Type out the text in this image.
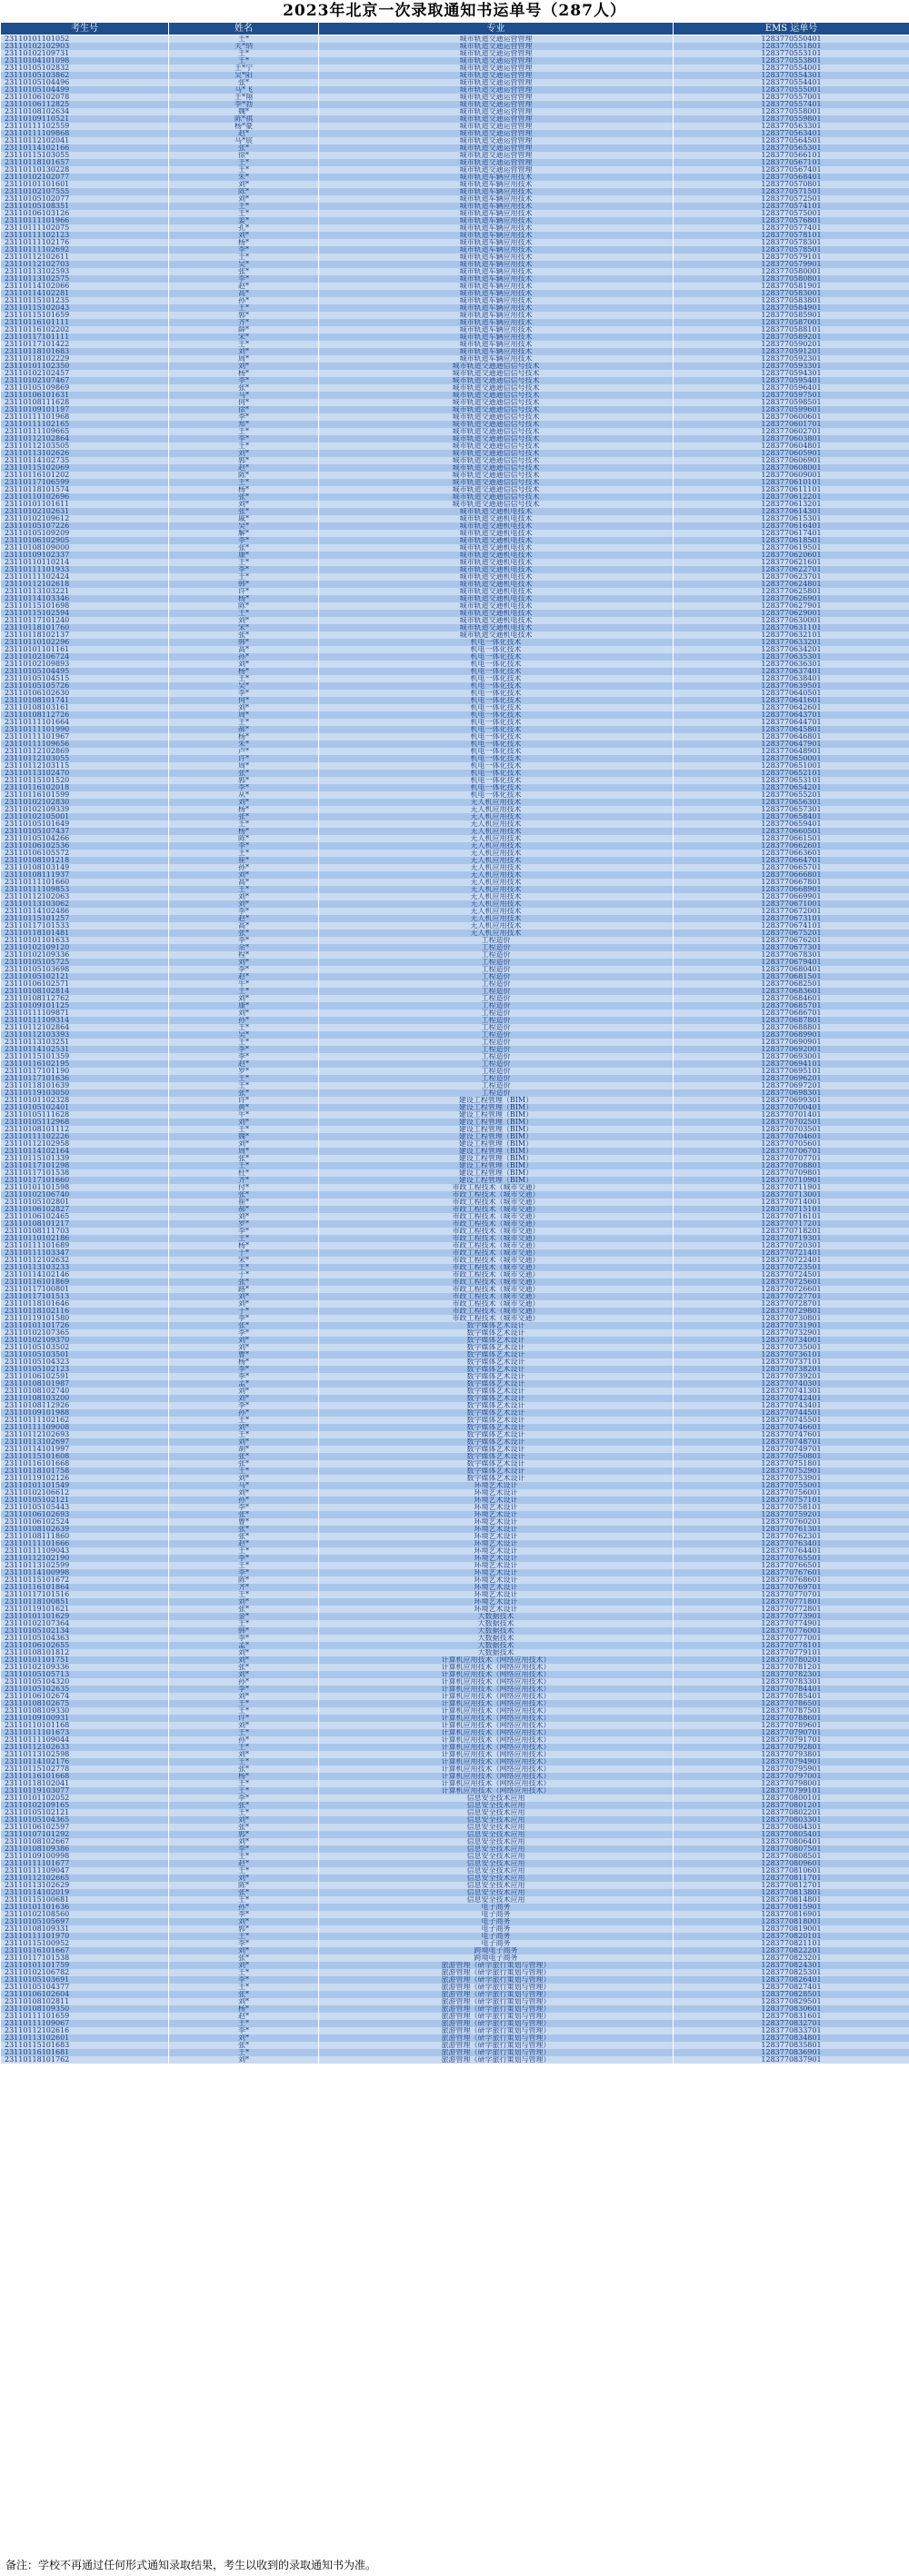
2023年北京一次录取通知书运单号（287人）
考生号	姓名	专业	EMS 运单号
23110101101052	王*	城市轨道交通运营管理	1283770550401
23110102102903	关*纳	城市轨道交通运营管理	1283770551801
23110102109731	王*	城市轨道交通运营管理	1283770553101
23110104101098	王*	城市轨道交通运营管理	1283770553801
23110105102832	王*宁	城市轨道交通运营管理	1283770554001
23110105103862	吴*阳	城市轨道交通运营管理	1283770554301
23110105104496	张*	城市轨道交通运营管理	1283770554401
23110105104499	马*飞	城市轨道交通运营管理	1283770555001
23110106102078	王*翔	城市轨道交通运营管理	1283770557001
23110106112825	李*勃	城市轨道交通运营管理	1283770557401
23110108102634	魏*	城市轨道交通运营管理	1283770558001
23110109110521	陈*祺	城市轨道交通运营管理	1283770559801
23110111102559	杨*豪	城市轨道交通运营管理	1283770563301
23110111109868	赵*	城市轨道交通运营管理	1283770563401
23110112102041	马*宸	城市轨道交通运营管理	1283770564501
23110114102166	张*	城市轨道交通运营管理	1283770565301
23110115103055	徐*	城市轨道交通运营管理	1283770566101
23110118101657	王*	城市轨道交通运营管理	1283770567101
23110110130228	王*	城市轨道交通运营管理	1283770567401
23110102102077	朱*	城市轨道车辆应用技术	1283770568401
23110101101601	刘*	城市轨道车辆应用技术	1283770570801
23110102107555	陈*	城市轨道车辆应用技术	1283770571501
23110105102077	刘*	城市轨道车辆应用技术	1283770572501
23110105108351	王*	城市轨道车辆应用技术	1283770574101
23110106103126	王*	城市轨道车辆应用技术	1283770575001
23110111101966	姜*	城市轨道车辆应用技术	1283770576801
23110111102075	孔*	城市轨道车辆应用技术	1283770577401
23110111102123	刘*	城市轨道车辆应用技术	1283770578101
23110111102176	杨*	城市轨道车辆应用技术	1283770578301
23110111102692	李*	城市轨道车辆应用技术	1283770578501
23110112102611	王*	城市轨道车辆应用技术	1283770579101
23110112102703	吴*	城市轨道车辆应用技术	1283770579901
23110113102593	张*	城市轨道车辆应用技术	1283770580001
23110113102575	李*	城市轨道车辆应用技术	1283770580801
23110114102066	赵*	城市轨道车辆应用技术	1283770581901
23110114102281	高*	城市轨道车辆应用技术	1283770583001
23110115101235	孙*	城市轨道车辆应用技术	1283770583801
23110115102043	王*	城市轨道车辆应用技术	1283770584901
23110115101659	郭*	城市轨道车辆应用技术	1283770585901
23110116101111	齐*	城市轨道车辆应用技术	1283770587001
23110116102202	薛*	城市轨道车辆应用技术	1283770588101
23110117101111	宋*	城市轨道车辆应用技术	1283770589201
23110117101422	王*	城市轨道车辆应用技术	1283770590201
23110118101683	刘*	城市轨道车辆应用技术	1283770591201
23110118102229	周*	城市轨道车辆应用技术	1283770592301
23110101102350	刘*	城市轨道交通通信信号技术	1283770593301
23110102102457	杨*	城市轨道交通通信信号技术	1283770594301
23110102107467	李*	城市轨道交通通信信号技术	1283770595401
23110105109869	张*	城市轨道交通通信信号技术	1283770596401
23110106101631	马*	城市轨道交通通信信号技术	1283770597501
23110108111628	何*	城市轨道交通通信信号技术	1283770598501
23110109101197	徐*	城市轨道交通通信信号技术	1283770599601
23110111101968	李*	城市轨道交通通信信号技术	1283770600601
23110111102165	郑*	城市轨道交通通信信号技术	1283770601701
23110111109665	王*	城市轨道交通通信信号技术	1283770602701
23110112102864	李*	城市轨道交通通信信号技术	1283770603801
23110112103505	王*	城市轨道交通通信信号技术	1283770604801
23110113102626	刘*	城市轨道交通通信信号技术	1283770605901
23110114102735	郭*	城市轨道交通通信信号技术	1283770606901
23110115102069	赵*	城市轨道交通通信信号技术	1283770608001
23110116101202	陈*	城市轨道交通通信信号技术	1283770609001
23110117106599	王*	城市轨道交通通信信号技术	1283770610101
23110118101574	杨*	城市轨道交通通信信号技术	1283770611101
23110110102696	张*	城市轨道交通通信信号技术	1283770612201
23110101101611	刘*	城市轨道交通通信信号技术	1283770613201
23110102102631	张*	城市轨道交通机电技术	1283770614301
23110102109612	戚*	城市轨道交通机电技术	1283770615301
23110105107226	吴*	城市轨道交通机电技术	1283770616401
23110105109209	解*	城市轨道交通机电技术	1283770617401
23110106102905	李*	城市轨道交通机电技术	1283770618501
23110108109000	张*	城市轨道交通机电技术	1283770619501
23110109102337	康*	城市轨道交通机电技术	1283770620601
23110110110214	王*	城市轨道交通机电技术	1283770621601
23110111101933	李*	城市轨道交通机电技术	1283770622701
23110111102424	王*	城市轨道交通机电技术	1283770623701
23110112102618	韩*	城市轨道交通机电技术	1283770624801
23110113103221	许*	城市轨道交通机电技术	1283770625801
23110114103346	杨*	城市轨道交通机电技术	1283770626901
23110115101698	陈*	城市轨道交通机电技术	1283770627901
23110115102594	王*	城市轨道交通机电技术	1283770629001
23110117101240	刘*	城市轨道交通机电技术	1283770630001
23110118101760	宋*	城市轨道交通机电技术	1283770631101
23110118102137	张*	城市轨道交通机电技术	1283770632101
23110110102296	韩*	机电一体化技术	1283770633201
23110101101161	高*	机电一体化技术	1283770634201
23110102106724	孙*	机电一体化技术	1283770635301
23110102109893	刘*	机电一体化技术	1283770636301
23110105104495	杨*	机电一体化技术	1283770637401
23110105104515	王*	机电一体化技术	1283770638401
23110105105726	吴*	机电一体化技术	1283770639501
23110106102630	李*	机电一体化技术	1283770640501
23110108101741	何*	机电一体化技术	1283770641601
23110108103161	刘*	机电一体化技术	1283770642601
23110108112726	周*	机电一体化技术	1283770643701
23110111101664	王*	机电一体化技术	1283770644701
23110111101990	郝*	机电一体化技术	1283770645801
23110111101967	杨*	机电一体化技术	1283770646801
23110111109656	朱*	机电一体化技术	1283770647901
23110112102869	卢*	机电一体化技术	1283770648901
23110112103055	许*	机电一体化技术	1283770650001
23110112103115	周*	机电一体化技术	1283770651001
23110113102470	张*	机电一体化技术	1283770652101
23110115101520	郭*	机电一体化技术	1283770653101
23110116102018	李*	机电一体化技术	1283770654201
23110116101599	从*	机电一体化技术	1283770655201
23110102102830	刘*	无人机应用技术	1283770656301
23110102109339	杨*	无人机应用技术	1283770657301
23110102105001	张*	无人机应用技术	1283770658401
23110105101649	王*	无人机应用技术	1283770659401
23110105107437	杨*	无人机应用技术	1283770660501
23110105104266	陈*	无人机应用技术	1283770661501
23110106102536	李*	无人机应用技术	1283770662601
23110106105572	王*	无人机应用技术	1283770663601
23110108101218	崔*	无人机应用技术	1283770664701
23110108103149	孙*	无人机应用技术	1283770665701
23110108111937	刘*	无人机应用技术	1283770666801
23110111101660	高*	无人机应用技术	1283770667801
23110111109853	王*	无人机应用技术	1283770668901
23110112102063	刘*	无人机应用技术	1283770669901
23110113103062	刘*	无人机应用技术	1283770671001
23110114102486	李*	无人机应用技术	1283770672001
23110115101257	赵*	无人机应用技术	1283770673101
23110117101533	高*	无人机应用技术	1283770674101
23110118101481	张*	无人机应用技术	1283770675201
23110101101633	李*	工程造价	1283770676201
23110102109120	余*	工程造价	1283770677301
23110102109336	程*	工程造价	1283770678301
23110105105725	刘*	工程造价	1283770679401
23110105103698	李*	工程造价	1283770680401
23110105102121	赵*	工程造价	1283770681501
23110106102571	牛*	工程造价	1283770682501
23110108102814	王*	工程造价	1283770683601
23110108112762	刘*	工程造价	1283770684601
23110109101125	康*	工程造价	1283770685701
23110111109871	刘*	工程造价	1283770686701
23110111109314	孙*	工程造价	1283770687801
23110112102864	王*	工程造价	1283770688801
23110112103393	吴*	工程造价	1283770689901
23110113103251	王*	工程造价	1283770690901
23110114102531	李*	工程造价	1283770692001
23110115101359	李*	工程造价	1283770693001
23110116102195	赵*	工程造价	1283770694101
23110117101190	罗*	工程造价	1283770695101
23110117101636	王*	工程造价	1283770696201
23110118101639	王*	工程造价	1283770697201
23110119103050	张*	工程造价	1283770698301
23110101102328	许*	建设工程管理（BIM）	1283770699301
23110105102401	黄*	建设工程管理（BIM）	1283770700401
23110105111628	牛*	建设工程管理（BIM）	1283770701401
23110105112968	刘*	建设工程管理（BIM）	1283770702501
23110108101112	王*	建设工程管理（BIM）	1283770703501
23110111102226	魏*	建设工程管理（BIM）	1283770704601
23110112102958	刘*	建设工程管理（BIM）	1283770705601
23110114102164	周*	建设工程管理（BIM）	1283770706701
23110115101339	张*	建设工程管理（BIM）	1283770707701
23110117101298	王*	建设工程管理（BIM）	1283770708801
23110117101538	杜*	建设工程管理（BIM）	1283770709801
23110117101660	齐*	建设工程管理（BIM）	1283770710901
23110101101598	付*	市政工程技术（城市交通）	1283770711901
23110102106740	张*	市政工程技术（城市交通）	1283770713001
23110105102801	崔*	市政工程技术（城市交通）	1283770714001
23110106102827	郝*	市政工程技术（城市交通）	1283770715101
23110106102465	刘*	市政工程技术（城市交通）	1283770716101
23110108101217	罗*	市政工程技术（城市交通）	1283770717201
23110108111703	李*	市政工程技术（城市交通）	1283770718201
23110110102186	王*	市政工程技术（城市交通）	1283770719301
23110111101689	杨*	市政工程技术（城市交通）	1283770720301
23110111103347	于*	市政工程技术（城市交通）	1283770721401
23110112102632	宋*	市政工程技术（城市交通）	1283770722401
23110113103233	王*	市政工程技术（城市交通）	1283770723501
23110114102146	于*	市政工程技术（城市交通）	1283770724501
23110116101869	张*	市政工程技术（城市交通）	1283770725601
23110117100801	路*	市政工程技术（城市交通）	1283770726601
23110117101513	刘*	市政工程技术（城市交通）	1283770727701
23110118101646	刘*	市政工程技术（城市交通）	1283770728701
23110118102116	于*	市政工程技术（城市交通）	1283770729801
23110119101580	李*	市政工程技术（城市交通）	1283770730801
23110101101726	张*	数字媒体艺术设计	1283770731901
23110102107365	李*	数字媒体艺术设计	1283770732901
23110102109370	刘*	数字媒体艺术设计	1283770734001
23110105103502	刘*	数字媒体艺术设计	1283770735001
23110105103501	曹*	数字媒体艺术设计	1283770736101
23110105104323	杨*	数字媒体艺术设计	1283770737101
23110105102123	李*	数字媒体艺术设计	1283770738201
23110106102591	李*	数字媒体艺术设计	1283770739201
23110108101987	孟*	数字媒体艺术设计	1283770740301
23110108102740	刘*	数字媒体艺术设计	1283770741301
23110108103200	刘*	数字媒体艺术设计	1283770742401
23110108112926	李*	数字媒体艺术设计	1283770743401
23110109101988	孙*	数字媒体艺术设计	1283770744501
23110111102162	王*	数字媒体艺术设计	1283770745501
23110111109008	刘*	数字媒体艺术设计	1283770746601
23110112102693	王*	数字媒体艺术设计	1283770747601
23110113102697	刘*	数字媒体艺术设计	1283770748701
23110114101997	胡*	数字媒体艺术设计	1283770749701
23110115101608	张*	数字媒体艺术设计	1283770750801
23110116101668	张*	数字媒体艺术设计	1283770751801
23110118101758	王*	数字媒体艺术设计	1283770752901
23110119102126	刘*	数字媒体艺术设计	1283770753901
23110101101549	马*	环境艺术设计	1283770755001
23110102106612	刘*	环境艺术设计	1283770756001
23110105102121	孙*	环境艺术设计	1283770757101
23110105105443	李*	环境艺术设计	1283770758101
23110106102693	张*	环境艺术设计	1283770759201
23110106102524	曹*	环境艺术设计	1283770760201
23110108102639	张*	环境艺术设计	1283770761301
23110108111860	张*	环境艺术设计	1283770762301
23110111101666	赵*	环境艺术设计	1283770763401
23110111109043	王*	环境艺术设计	1283770764401
23110112102190	李*	环境艺术设计	1283770765501
23110113102599	王*	环境艺术设计	1283770766501
23110114100998	李*	环境艺术设计	1283770767601
23110115101672	陈*	环境艺术设计	1283770768601
23110116101864	齐*	环境艺术设计	1283770769701
23110117101516	王*	环境艺术设计	1283770770701
23110118100851	刘*	环境艺术设计	1283770771801
23110119101621	张*	环境艺术设计	1283770772801
23110101101629	金*	大数据技术	1283770773901
23110102107364	王*	大数据技术	1283770774901
23110105102134	韩*	大数据技术	1283770776001
23110105104363	李*	大数据技术	1283770777001
23110106102655	孟*	大数据技术	1283770778101
23110108101812	刘*	大数据技术	1283770779101
23110101101751	刘*	计算机应用技术（网络应用技术）	1283770780201
23110102109336	张*	计算机应用技术（网络应用技术）	1283770781201
23110105105713	刘*	计算机应用技术（网络应用技术）	1283770782301
23110105104320	孙*	计算机应用技术（网络应用技术）	1283770783301
23110105102635	李*	计算机应用技术（网络应用技术）	1283770784401
23110106102674	刘*	计算机应用技术（网络应用技术）	1283770785401
23110108102675	王*	计算机应用技术（网络应用技术）	1283770786501
23110108109330	王*	计算机应用技术（网络应用技术）	1283770787501
23110109100931	许*	计算机应用技术（网络应用技术）	1283770788601
23110110101168	刘*	计算机应用技术（网络应用技术）	1283770789601
23110111101673	王*	计算机应用技术（网络应用技术）	1283770790701
23110111109044	孙*	计算机应用技术（网络应用技术）	1283770791701
23110112102633	王*	计算机应用技术（网络应用技术）	1283770792801
23110113102598	刘*	计算机应用技术（网络应用技术）	1283770793801
23110114102176	王*	计算机应用技术（网络应用技术）	1283770794901
23110115102778	张*	计算机应用技术（网络应用技术）	1283770795901
23110116101668	杨*	计算机应用技术（网络应用技术）	1283770797001
23110118102041	王*	计算机应用技术（网络应用技术）	1283770798001
23110119103077	王*	计算机应用技术（网络应用技术）	1283770799101
23110101102052	李*	信息安全技术应用	1283770800101
23110102109165	张*	信息安全技术应用	1283770801201
23110105102121	王*	信息安全技术应用	1283770802201
23110105104365	刘*	信息安全技术应用	1283770803301
23110106102597	张*	信息安全技术应用	1283770804301
23110107101292	郭*	信息安全技术应用	1283770805401
23110108102667	刘*	信息安全技术应用	1283770806401
23110108109386	李*	信息安全技术应用	1283770807501
23110109100998	王*	信息安全技术应用	1283770808501
23110111101677	赵*	信息安全技术应用	1283770809601
23110111109047	王*	信息安全技术应用	1283770810601
23110112102665	刘*	信息安全技术应用	1283770811701
23110113102629	陈*	信息安全技术应用	1283770812701
23110114102019	张*	信息安全技术应用	1283770813801
23110115100681	王*	信息安全技术应用	1283770814801
23110101101636	孙*	电子商务	1283770815901
23110102108560	李*	电子商务	1283770816901
23110105105697	刘*	电子商务	1283770818001
23110108109331	郭*	电子商务	1283770819001
23110111101970	王*	电子商务	1283770820101
23110115100952	李*	电子商务	1283770821101
23110116101667	刘*	跨境电子商务	1283770822201
23110117101538	张*	跨境电子商务	1283770823201
23110101101759	刘*	旅游管理（研学旅行策划与管理）	1283770824301
23110102106782	王*	旅游管理（研学旅行策划与管理）	1283770825301
23110105103691	李*	旅游管理（研学旅行策划与管理）	1283770826401
23110105104377	王*	旅游管理（研学旅行策划与管理）	1283770827401
23110106102604	张*	旅游管理（研学旅行策划与管理）	1283770828501
23110108102811	刘*	旅游管理（研学旅行策划与管理）	1283770829501
23110108109350	杨*	旅游管理（研学旅行策划与管理）	1283770830601
23110111101659	赵*	旅游管理（研学旅行策划与管理）	1283770831601
23110111109067	王*	旅游管理（研学旅行策划与管理）	1283770832701
23110112102616	李*	旅游管理（研学旅行策划与管理）	1283770833701
23110113102601	刘*	旅游管理（研学旅行策划与管理）	1283770834801
23110115101683	张*	旅游管理（研学旅行策划与管理）	1283770835801
23110116101681	王*	旅游管理（研学旅行策划与管理）	1283770836901
23110118101762	刘*	旅游管理（研学旅行策划与管理）	1283770837901
备注：学校不再通过任何形式通知录取结果，考生以收到的录取通知书为准。
